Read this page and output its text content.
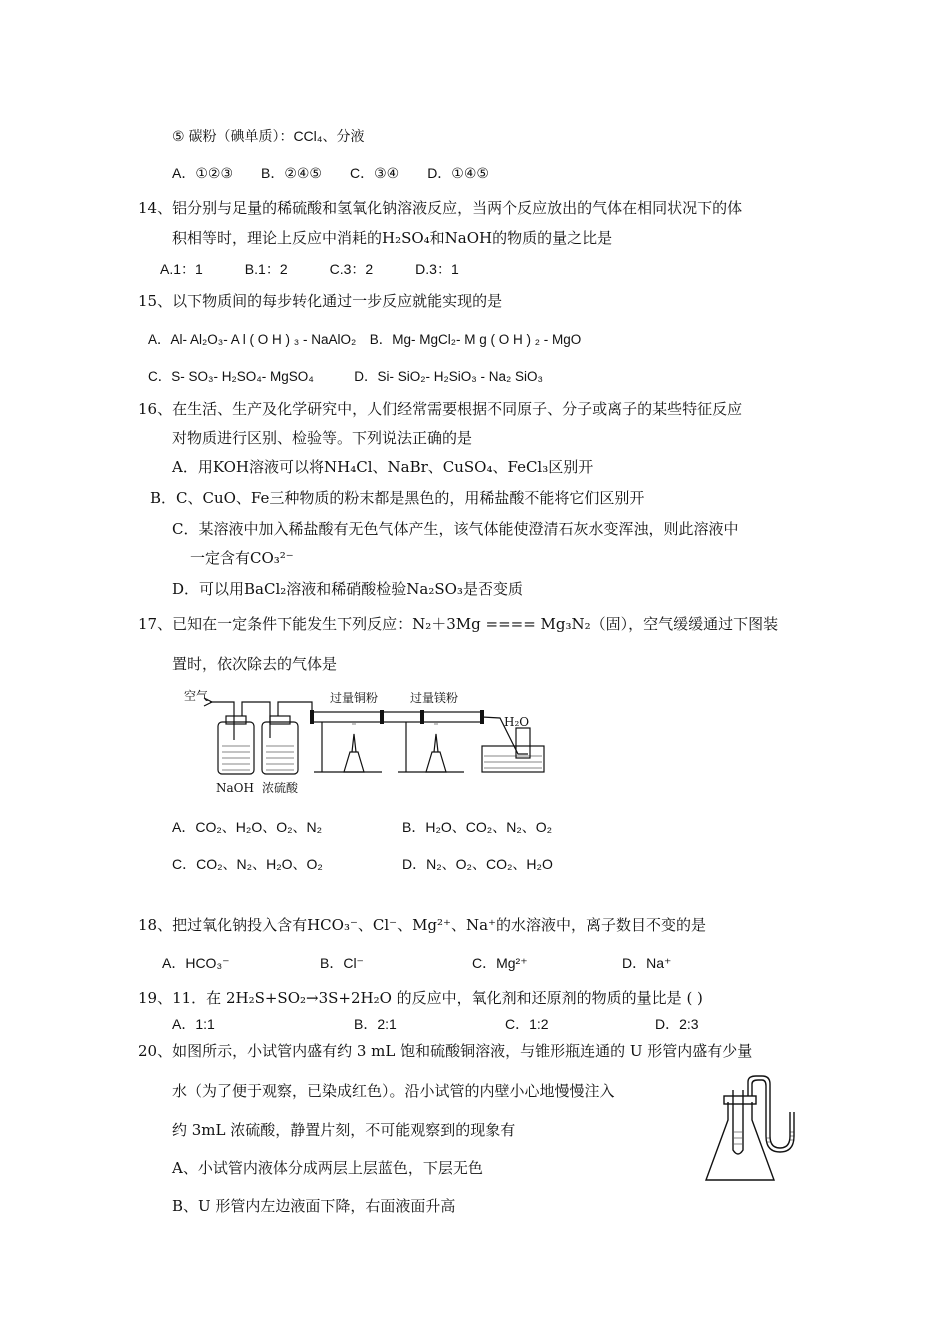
⑤ 碳粉（碘单质）：CCl₄、分液
A．①②③　　B．②④⑤　　C．③④　　D．①④⑤
14、铝分别与足量的稀硫酸和氢氧化钠溶液反应，当两个反应放出的气体在相同状况下的体
积相等时，理论上反应中消耗的H₂SO₄和NaOH的物质的量之比是
A.1：1　　　B.1：2　　　C.3：2　　　D.3：1
15、以下物质间的每步转化通过一步反应就能实现的是
A．Al- Al₂O₃- A l ( O H ) ₃ - NaAlO₂　B．Mg- MgCl₂- M g ( O H ) ₂ - MgO
C．S- SO₃- H₂SO₄- MgSO₄　　　D．Si- SiO₂- H₂SiO₃ - Na₂ SiO₃
16、在生活、生产及化学研究中，人们经常需要根据不同原子、分子或离子的某些特征反应
对物质进行区别、检验等。下列说法正确的是
A．用KOH溶液可以将NH₄Cl、NaBr、CuSO₄、FeCl₃区别开
B．C、CuO、Fe三种物质的粉末都是黑色的，用稀盐酸不能将它们区别开
C．某溶液中加入稀盐酸有无色气体产生，该气体能使澄清石灰水变浑浊，则此溶液中
一定含有CO₃²⁻
D．可以用BaCl₂溶液和稀硝酸检验Na₂SO₃是否变质
17、已知在一定条件下能发生下列反应：N₂＋3Mg ==== Mg₃N₂（固），空气缓缓通过下图装
置时，依次除去的气体是
空气
NaOH 浓硫酸
过量铜粉	过量镁粉
H₂O
A．CO₂、H₂O、O₂、N₂	B．H₂O、CO₂、N₂、O₂
C．CO₂、N₂、H₂O、O₂	D．N₂、O₂、CO₂、H₂O
18、把过氧化钠投入含有HCO₃⁻、Cl⁻、Mg²⁺、Na⁺的水溶液中，离子数目不变的是
A．HCO₃⁻	B．Cl⁻	C．Mg²⁺	D．Na⁺
19、11．在 2H₂S+SO₂→3S+2H₂O 的反应中，氧化剂和还原剂的物质的量比是 ( )
A．1:1	B．2:1	C．1:2	D．2:3
20、如图所示，小试管内盛有约 3 mL 饱和硫酸铜溶液，与锥形瓶连通的 U 形管内盛有少量
水（为了便于观察，已染成红色）。沿小试管的内壁小心地慢慢注入
约 3mL 浓硫酸，静置片刻，不可能观察到的现象有
A、小试管内液体分成两层上层蓝色，下层无色
B、U 形管内左边液面下降，右面液面升高
